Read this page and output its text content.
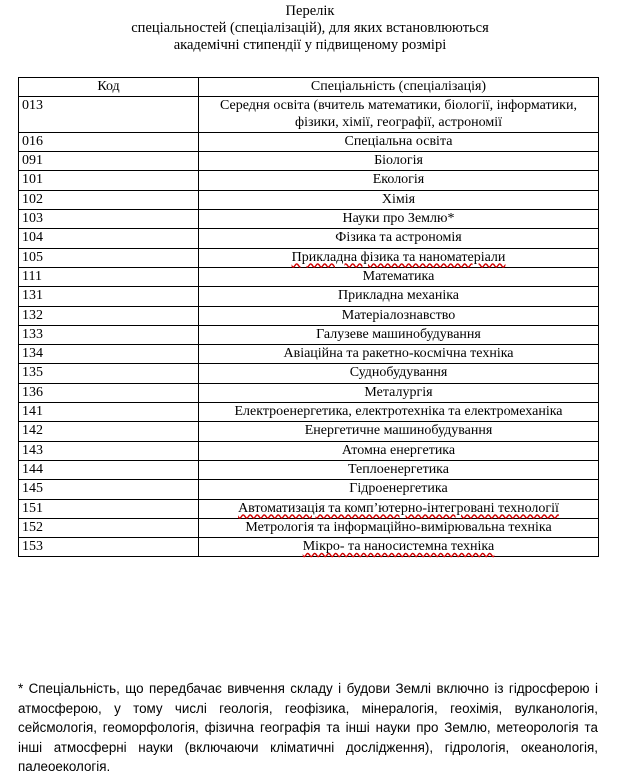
Перелік
спеціальностей (спеціалізацій), для яких встановлюються
академічні стипендії у підвищеному розмірі
Код	Спеціальність (спеціалізація)
013	Середня освіта (вчитель математики, біології, інформатики, фізики, хімії, географії, астрономії
016	Спеціальна освіта
091	Біологія
101	Екологія
102	Хімія
103	Науки про Землю*
104	Фізика та астрономія
105	Прикладна фізика та наноматеріали
111	Математика
131	Прикладна механіка
132	Матеріалознавство
133	Галузеве машинобудування
134	Авіаційна та ракетно-космічна техніка
135	Суднобудування
136	Металургія
141	Електроенергетика, електротехніка та електромеханіка
142	Енергетичне машинобудування
143	Атомна енергетика
144	Теплоенергетика
145	Гідроенергетика
151	Автоматизація та комп’ютерно-інтегровані технології
152	Метрологія та інформаційно-вимірювальна техніка
153	Мікро- та наносистемна техніка
* Спеціальність, що передбачає вивчення складу і будови Землі включно із гідросферою і атмосферою, у тому числі геологія, геофізика, мінералогія, геохімія, вулканологія, сейсмологія, геоморфологія, фізична географія та інші науки про Землю, метеорологія та інші атмосферні науки (включаючи кліматичні дослідження), гідрологія, океанологія, палеоекологія.
